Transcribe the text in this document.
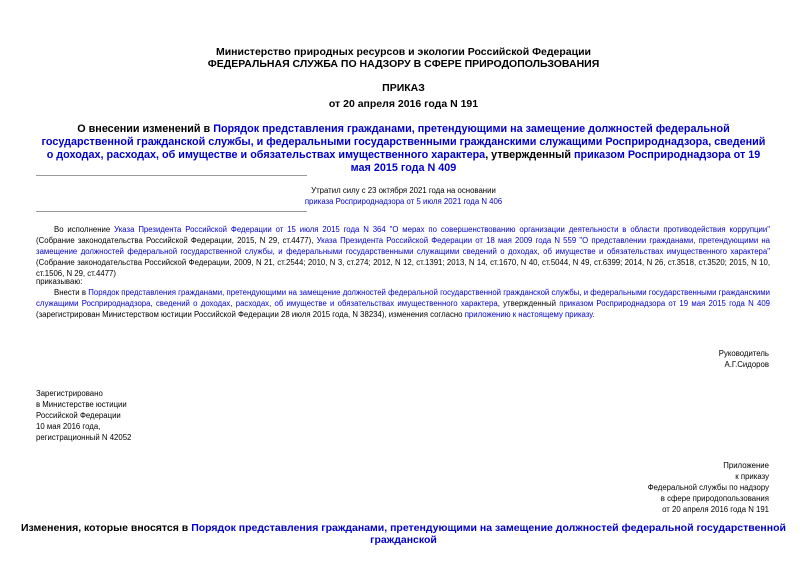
Министерство природных ресурсов и экологии Российской Федерации
ФЕДЕРАЛЬНАЯ СЛУЖБА ПО НАДЗОРУ В СФЕРЕ ПРИРОДОПОЛЬЗОВАНИЯ
ПРИКАЗ
от 20 апреля 2016 года N 191
О внесении изменений в Порядок представления гражданами, претендующими на замещение должностей федеральной государственной гражданской службы, и федеральными государственными гражданскими служащими Росприроднадзора, сведений о доходах, расходах, об имуществе и обязательствах имущественного характера, утвержденный приказом Росприроднадзора от 19 мая 2015 года N 409
Утратил силу с 23 октября 2021 года на основании
приказа Росприроднадзора от 5 июля 2021 года N 406
Во исполнение Указа Президента Российской Федерации от 15 июля 2015 года N 364 "О мерах по совершенствованию организации деятельности в области противодействия коррупции" (Собрание законодательства Российской Федерации, 2015, N 29, ст.4477), Указа Президента Российской Федерации от 18 мая 2009 года N 559 "О представлении гражданами, претендующими на замещение должностей федеральной государственной службы, и федеральными государственными служащими сведений о доходах, об имуществе и обязательствах имущественного характера" (Собрание законодательства Российской Федерации, 2009, N 21, ст.2544; 2010, N 3, ст.274; 2012, N 12, ст.1391; 2013, N 14, ст.1670, N 40, ст.5044, N 49, ст.6399; 2014, N 26, ст.3518, ст.3520; 2015, N 10, ст.1506, N 29, ст.4477)
приказываю:
Внести в Порядок представления гражданами, претендующими на замещение должностей федеральной государственной гражданской службы, и федеральными государственными гражданскими служащими Росприроднадзора, сведений о доходах, расходах, об имуществе и обязательствах имущественного характера, утвержденный приказом Росприроднадзора от 19 мая 2015 года N 409 (зарегистрирован Министерством юстиции Российской Федерации 28 июля 2015 года, N 38234), изменения согласно приложению к настоящему приказу.
Руководитель
А.Г.Сидоров
Зарегистрировано
в Министерстве юстиции
Российской Федерации
10 мая 2016 года,
регистрационный N 42052
Приложение
к приказу
Федеральной службы по надзору
в сфере природопользования
от 20 апреля 2016 года N 191
Изменения, которые вносятся в Порядок представления гражданами, претендующими на замещение должностей федеральной государственной гражданской
